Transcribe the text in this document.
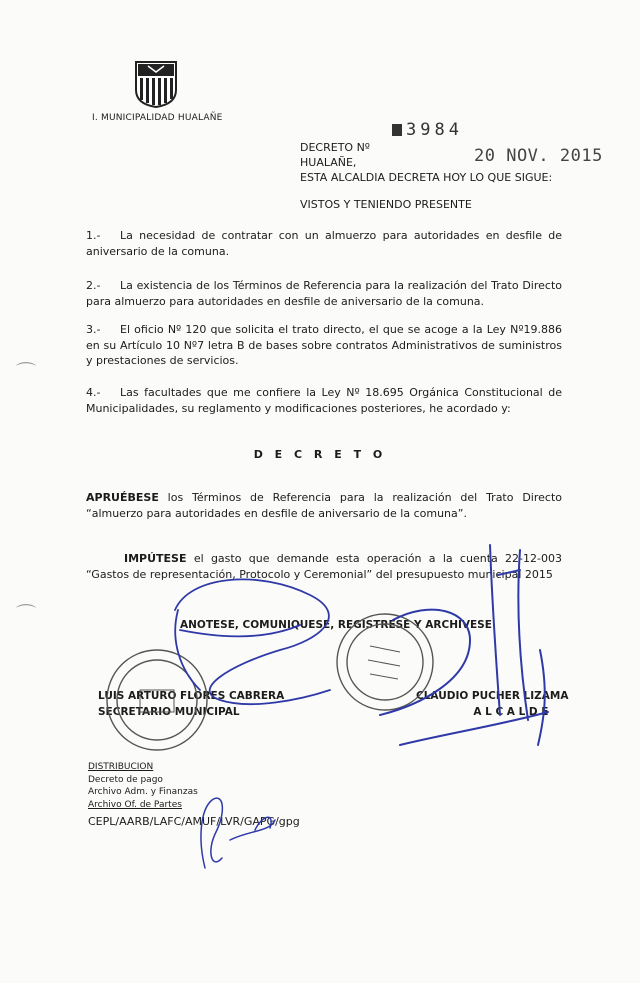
I. MUNICIPALIDAD HUALAÑE
3984
20 NOV. 2015
DECRETO Nº
HUALAÑE,
ESTA ALCALDIA DECRETA HOY LO QUE SIGUE:
VISTOS Y TENIENDO PRESENTE
1.- La necesidad de contratar con un almuerzo para autoridades en desfile de aniversario de la comuna.
2.- La existencia de los Términos de Referencia para la realización del Trato Directo para almuerzo para autoridades en desfile de aniversario de la comuna.
3.- El oficio Nº 120 que solicita el trato directo, el que se acoge a la Ley Nº19.886 en su Artículo 10 Nº7 letra B de bases sobre contratos Administrativos de suministros y prestaciones de servicios.
4.- Las facultades que me confiere la Ley Nº 18.695 Orgánica Constitucional de Municipalidades, su reglamento y modificaciones posteriores, he acordado y:
D E C R E T O
APRUÉBESE los Términos de Referencia para la realización del Trato Directo “almuerzo para autoridades en desfile de aniversario de la comuna”.
IMPÚTESE el gasto que demande esta operación a la cuenta 22-12-003 “Gastos de representación, Protocolo y Ceremonial” del presupuesto municipal 2015
ANOTESE, COMUNIQUESE, REGISTRESE Y ARCHIVESE
LUIS ARTURO FLORES CABRERA
SECRETARIO MUNICIPAL
CLAUDIO PUCHER LIZAMA
A L C A L D E
DISTRIBUCION
Decreto de pago
Archivo Adm. y Finanzas
Archivo Of. de Partes
CEPL/AARB/LAFC/AMUF/LVR/GAPG/gpg
⌒
⌒
